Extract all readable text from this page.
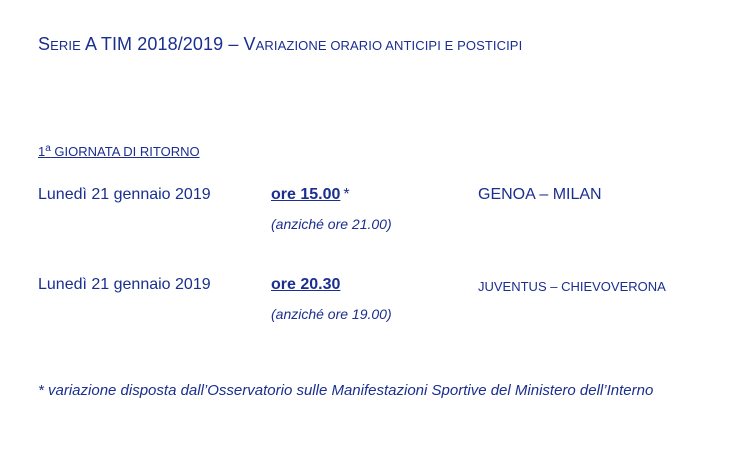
SERIE A TIM 2018/2019 – VARIAZIONE ORARIO ANTICIPI E POSTICIPI
1$^a$ GIORNATA DI RITORNO
Lunedì 21 gennaio 2019	ore 15.00 *
(anziché ore 21.00)
GENOA – MILAN
Lunedì 21 gennaio 2019	ore 20.30
(anziché ore 19.00)
JUVENTUS – CHIEVOVERONA
* variazione disposta dall’Osservatorio sulle Manifestazioni Sportive del Ministero dell’Interno
